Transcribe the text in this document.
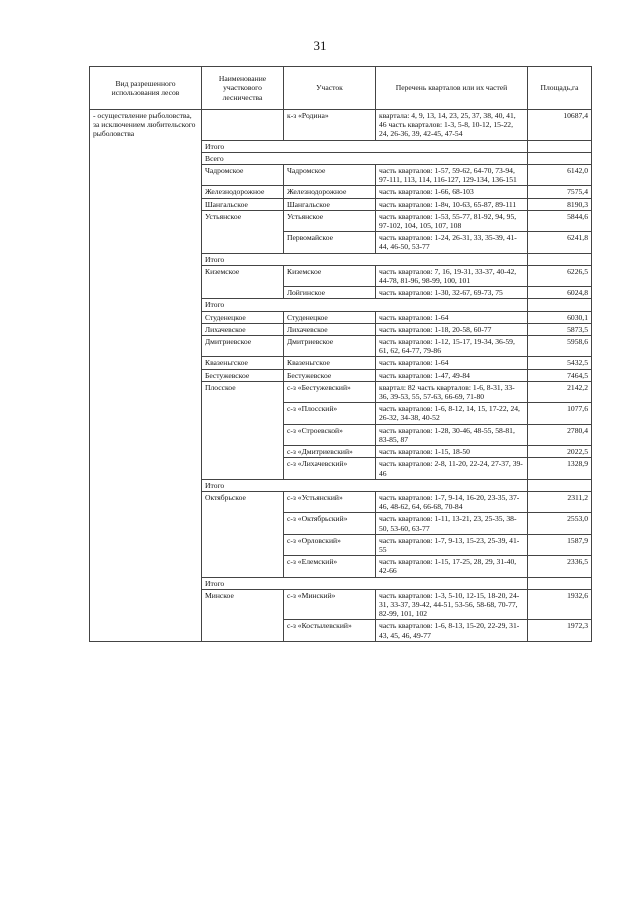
31
Вид разрешенного использования лесов	Наименование участкового лесничества	Участок	Перечень кварталов или их частей	Площадь,га	
- осуществление рыболовства, за исключением любительского рыболовства		к-з «Родина»	квартала: 4, 9, 13, 14, 23, 25, 37, 38, 40, 41, 46 часть кварталов: 1-3, 5-8, 10-12, 15-22, 24, 26-36, 39, 42-45, 47-54	10687,4	
	Итого		
	Всего		
	Чадромское	Чадромское	часть кварталов: 1-57, 59-62, 64-70, 73-94, 97-111, 113, 114, 116-127, 129-134, 136-151	6142,0	
	Железнодорожное	Железнодорожное	часть кварталов: 1-66, 68-103	7575,4	
	Шангальское	Шангальское	часть кварталов: 1-8ч, 10-63, 65-87, 89-111	8190,3	
	Устьянское	Устьянское	часть кварталов: 1-53, 55-77, 81-92, 94, 95, 97-102, 104, 105, 107, 108	5844,6	
		Первомайское	часть кварталов: 1-24, 26-31, 33, 35-39, 41- 44, 46-50, 53-77	6241,8	
	Итого		
	Киземское	Киземское	часть кварталов: 7, 16, 19-31, 33-37, 40-42, 44-78, 81-96, 98-99, 100, 101	6226,5	
		Лойгинское	часть кварталов: 1-30, 32-67, 69-73, 75	6024,8	
	Итого		
	Студенецкое	Студенецкое	часть кварталов: 1-64	6030,1	
	Лихачевское	Лихачевское	часть кварталов: 1-18, 20-58, 60-77	5873,5	
	Дмитриевское	Дмитриевское	часть кварталов: 1-12, 15-17, 19-34, 36-59, 61, 62, 64-77, 79-86	5958,6	
	Квазеньгское	Квазеньгское	часть кварталов: 1-64	5432,5	
	Бестужевское	Бестужевское	часть кварталов: 1-47, 49-84	7464,5	
	Плосское	с-з «Бестужевский»	квартал: 82 часть кварталов: 1-6, 8-31, 33-36, 39-53, 55, 57-63, 66-69, 71-80	2142,2	
		с-з «Плосский»	часть кварталов: 1-6, 8-12, 14, 15, 17-22, 24, 26-32, 34-38, 40-52	1077,6	
		с-з «Строевской»	часть кварталов: 1-28, 30-46, 48-55, 58-81, 83-85, 87	2780,4	
		с-з «Дмитриевский»	часть кварталов: 1-15, 18-50	2022,5	
		с-з «Лихачевский»	часть кварталов: 2-8, 11-20, 22-24, 27-37, 39-46	1328,9	
	Итого		
	Октябрьское	с-з «Устьянский»	часть кварталов: 1-7, 9-14, 16-20, 23-35, 37-46, 48-62, 64, 66-68, 70-84	2311,2	
		с-з «Октябрьский»	часть кварталов: 1-11, 13-21, 23, 25-35, 38-50, 53-60, 63-77	2553,0	
		с-з «Орловский»	часть кварталов: 1-7, 9-13, 15-23, 25-39, 41-55	1587,9	
		с-з «Елемский»	часть кварталов: 1-15, 17-25, 28, 29, 31-40, 42-66	2336,5	
	Итого		
	Минское	с-з «Минский»	часть кварталов: 1-3, 5-10, 12-15, 18-20, 24-31, 33-37, 39-42, 44-51, 53-56, 58-68, 70-77, 82-99, 101, 102	1932,6	
		с-з «Костылевский»	часть кварталов: 1-6, 8-13, 15-20, 22-29, 31-43, 45, 46, 49-77	1972,3	
